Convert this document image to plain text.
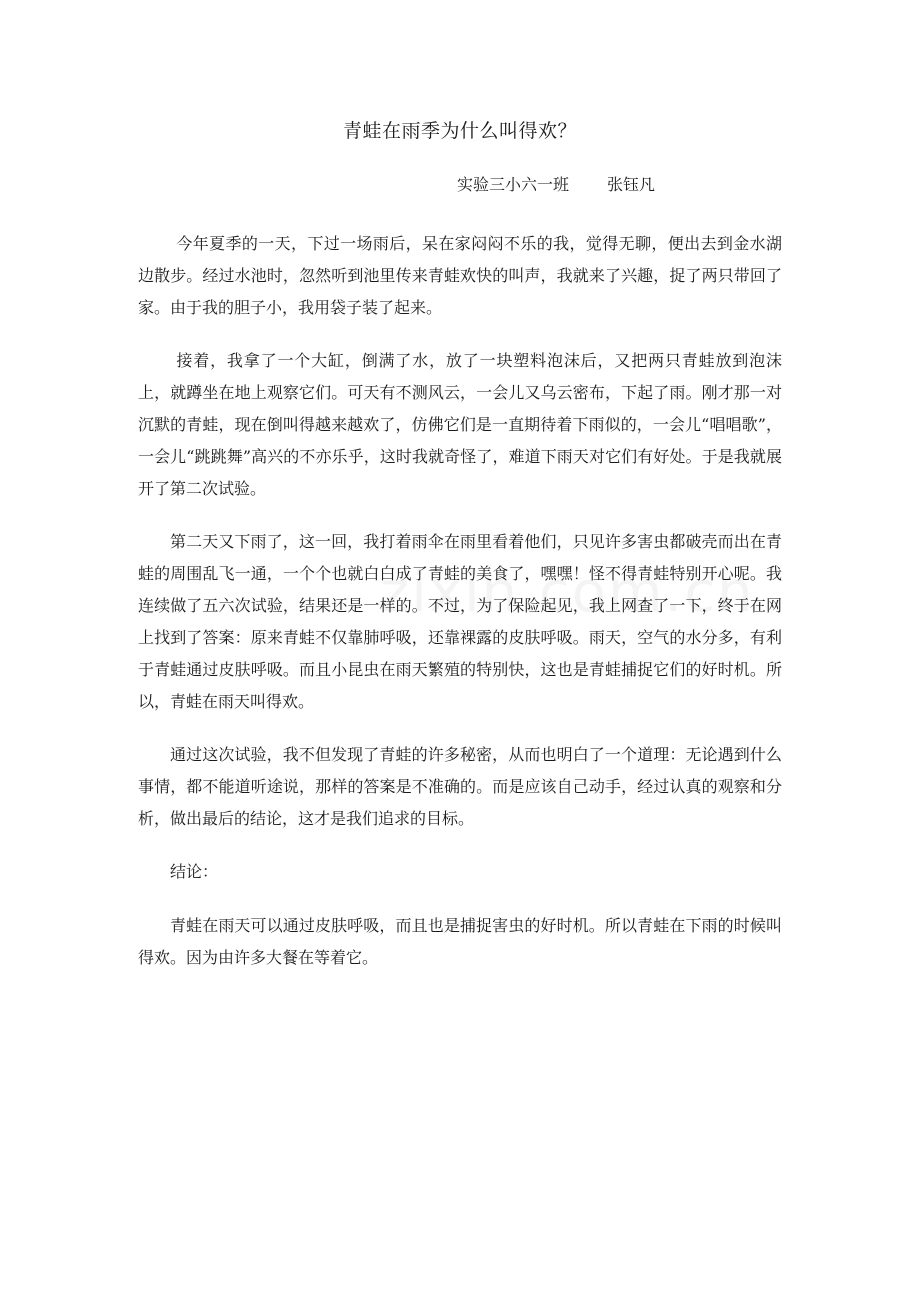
青蛙在雨季为什么叫得欢？
实验三小六一班 张钰凡

今年夏季的一天，下过一场雨后，呆在家闷闷不乐的我，觉得无聊，便出去到金水湖边散步。经过水池时，忽然听到池里传来青蛙欢快的叫声，我就来了兴趣，捉了两只带回了家。由于我的胆子小，我用袋子装了起来。

接着，我拿了一个大缸，倒满了水，放了一块塑料泡沫后，又把两只青蛙放到泡沫上，就蹲坐在地上观察它们。可天有不测风云，一会儿又乌云密布，下起了雨。刚才那一对沉默的青蛙，现在倒叫得越来越欢了，仿佛它们是一直期待着下雨似的，一会儿“唱唱歌”，一会儿“跳跳舞”高兴的不亦乐乎，这时我就奇怪了，难道下雨天对它们有好处。于是我就展开了第二次试验。

第二天又下雨了，这一回，我打着雨伞在雨里看着他们，只见许多害虫都破壳而出在青蛙的周围乱飞一通，一个个也就白白成了青蛙的美食了，嘿嘿！怪不得青蛙特别开心呢。我连续做了五六次试验，结果还是一样的。不过，为了保险起见，我上网查了一下，终于在网上找到了答案：原来青蛙不仅靠肺呼吸，还靠裸露的皮肤呼吸。雨天，空气的水分多，有利于青蛙通过皮肤呼吸。而且小昆虫在雨天繁殖的特别快，这也是青蛙捕捉它们的好时机。所以，青蛙在雨天叫得欢。

通过这次试验，我不但发现了青蛙的许多秘密，从而也明白了一个道理：无论遇到什么事情，都不能道听途说，那样的答案是不准确的。而是应该自己动手，经过认真的观察和分析，做出最后的结论，这才是我们追求的目标。

结论：

青蛙在雨天可以通过皮肤呼吸，而且也是捕捉害虫的好时机。所以青蛙在下雨的时候叫得欢。因为由许多大餐在等着它。
